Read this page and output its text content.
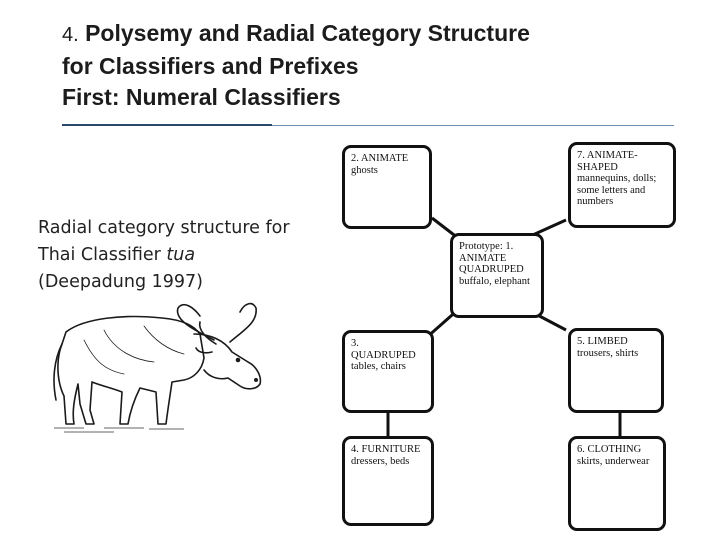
4. Polysemy and Radial Category Structure
for Classifiers and Prefixes
First: Numeral Classifiers
Radial category structure for
Thai Classifier tua
(Deepadung 1997)
2. ANIMATE
ghosts
7. ANIMATE-SHAPED
mannequins, dolls; some letters and numbers
Prototype: 1. ANIMATE QUADRUPED
buffalo, elephant
3. QUADRUPED
tables, chairs
5. LIMBED
trousers, shirts
4. FURNITURE
dressers, beds
6. CLOTHING
skirts, underwear
